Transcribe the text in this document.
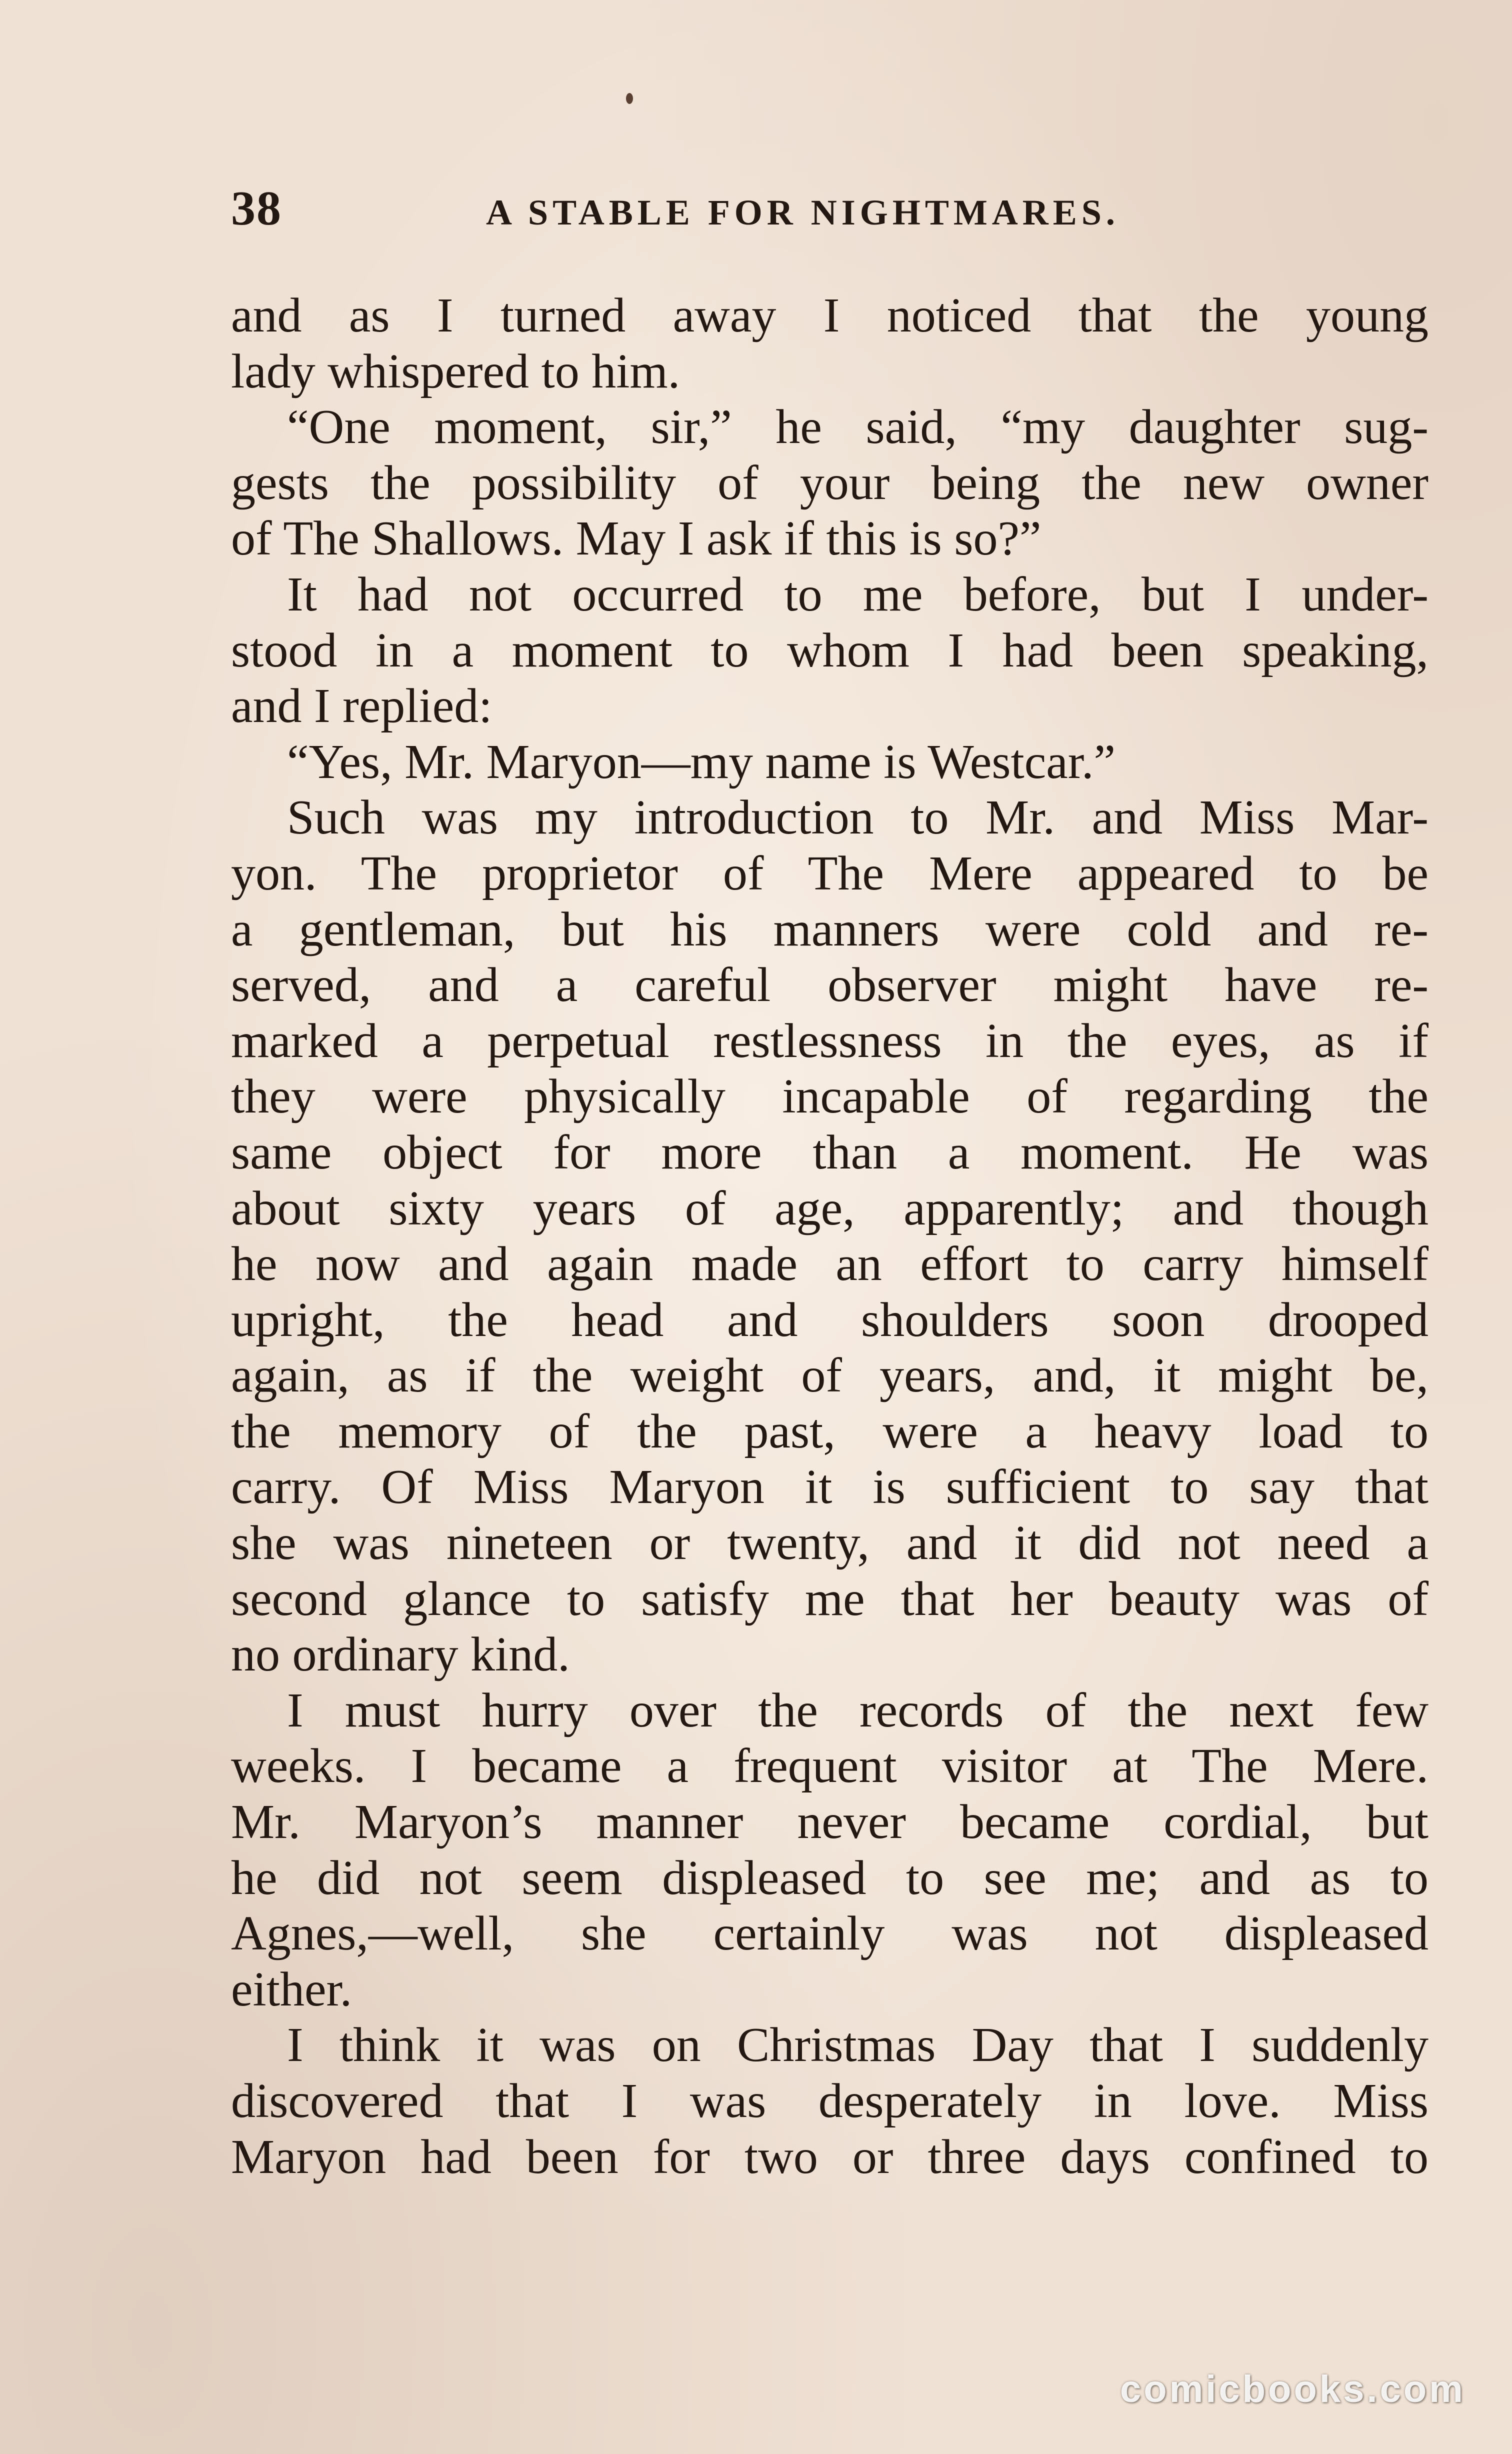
38	A STABLE FOR NIGHTMARES.
and as I turned away I noticed that the young
lady whispered to him.
“One moment, sir,” he said, “my daughter sug-
gests the possibility of your being the new owner
of The Shallows. May I ask if this is so?”
It had not occurred to me before, but I under-
stood in a moment to whom I had been speaking,
and I replied:
“Yes, Mr. Maryon—my name is Westcar.”
Such was my introduction to Mr. and Miss Mar-
yon. The proprietor of The Mere appeared to be
a gentleman, but his manners were cold and re-
served, and a careful observer might have re-
marked a perpetual restlessness in the eyes, as if
they were physically incapable of regarding the
same object for more than a moment. He was
about sixty years of age, apparently; and though
he now and again made an effort to carry himself
upright, the head and shoulders soon drooped
again, as if the weight of years, and, it might be,
the memory of the past, were a heavy load to
carry. Of Miss Maryon it is sufficient to say that
she was nineteen or twenty, and it did not need a
second glance to satisfy me that her beauty was of
no ordinary kind.
I must hurry over the records of the next few
weeks. I became a frequent visitor at The Mere.
Mr. Maryon’s manner never became cordial, but
he did not seem displeased to see me; and as to
Agnes,—well, she certainly was not displeased
either.
I think it was on Christmas Day that I suddenly
discovered that I was desperately in love. Miss
Maryon had been for two or three days confined to
comicbooks.com
